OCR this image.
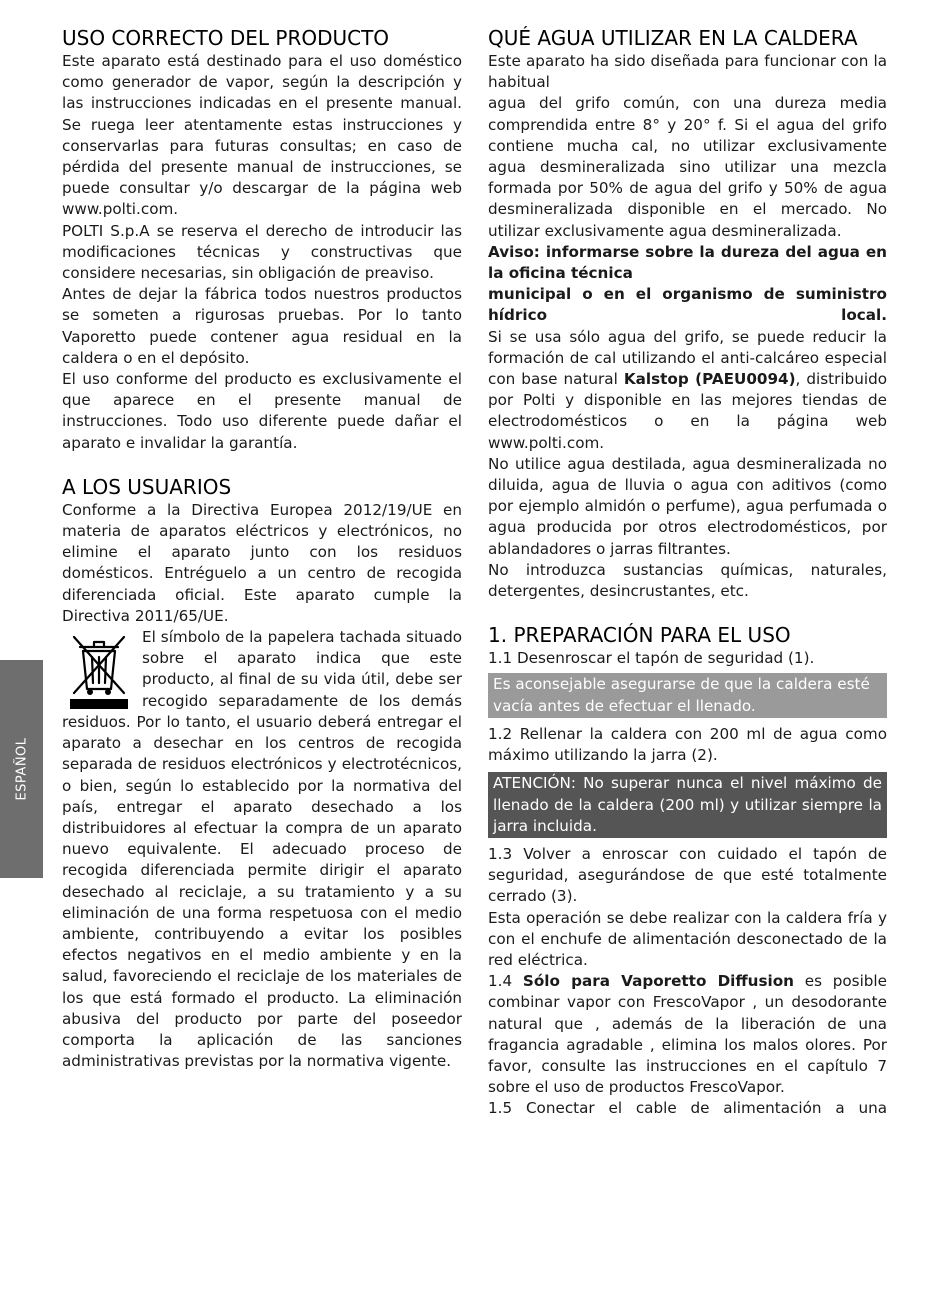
ESPAÑOL
USO CORRECTO DEL PRODUCTO

Este aparato está destinado para el uso doméstico como generador de vapor, según la descripción y las instrucciones indicadas en el presente manual. Se ruega leer atentamente estas instrucciones y conservarlas para futuras consultas; en caso de pérdida del presente manual de instrucciones, se puede consultar y/o descargar de la página web www.polti.com.

POLTI S.p.A se reserva el derecho de introducir las modificaciones técnicas y constructivas que considere necesarias, sin obligación de preaviso.

Antes de dejar la fábrica todos nuestros productos se someten a rigurosas pruebas. Por lo tanto Vaporetto puede contener agua residual en la caldera o en el depósito.

El uso conforme del producto es exclusivamente el que aparece en el presente manual de instrucciones. Todo uso diferente puede dañar el aparato e invalidar la garantía.

A LOS USUARIOS

Conforme a la Directiva Europea 2012/19/UE en materia de aparatos eléctricos y electrónicos, no elimine el aparato junto con los residuos domésticos. Entréguelo a un centro de recogida diferenciada oficial. Este aparato cumple la Directiva 2011/65/UE.

El símbolo de la papelera tachada situado sobre el aparato indica que este producto, al final de su vida útil, debe ser recogido separadamente de los demás residuos. Por lo tanto, el usuario deberá entregar el aparato a desechar en los centros de recogida separada de residuos electrónicos y electrotécnicos, o bien, según lo establecido por la normativa del país, entregar el aparato desechado a los distribuidores al efectuar la compra de un aparato nuevo equivalente. El adecuado proceso de recogida diferenciada permite dirigir el aparato desechado al reciclaje, a su tratamiento y a su eliminación de una forma respetuosa con el medio ambiente, contribuyendo a evitar los posibles efectos negativos en el medio ambiente y en la salud, favoreciendo el reciclaje de los materiales de los que está formado el producto. La eliminación abusiva del producto por parte del poseedor comporta la aplicación de las sanciones administrativas previstas por la normativa vigente.

QUÉ AGUA UTILIZAR EN LA CALDERA

Este aparato ha sido diseñada para funcionar con la habitual

agua del grifo común, con una dureza media comprendida entre 8° y 20° f. Si el agua del grifo contiene mucha cal, no utilizar exclusivamente agua desmineralizada sino utilizar una mezcla formada por 50% de agua del grifo y 50% de agua desmineralizada disponible en el mercado. No utilizar exclusivamente agua desmineralizada.

Aviso: informarse sobre la dureza del agua en la oficina técnica

municipal o en el organismo de suministro hídrico local.

Si se usa sólo agua del grifo, se puede reducir la formación de cal utilizando el anti-calcáreo especial con base natural Kalstop (PAEU0094), distribuido por Polti y disponible en las mejores tiendas de electrodomésticos o en la página web www.polti.com.

No utilice agua destilada, agua desmineralizada no diluida, agua de lluvia o agua con aditivos (como por ejemplo almidón o perfume), agua perfumada o agua producida por otros electrodomésticos, por ablandadores o jarras filtrantes.

No introduzca sustancias químicas, naturales, detergentes, desincrustantes, etc.

1. PREPARACIÓN PARA EL USO

1.1 Desenroscar el tapón de seguridad (1).

Es aconsejable asegurarse de que la caldera esté vacía antes de efectuar el llenado.

1.2 Rellenar la caldera con 200 ml de agua como máximo utilizando la jarra (2).

ATENCIÓN: No superar nunca el nivel máximo de llenado de la caldera (200 ml) y utilizar siempre la jarra incluida.

1.3 Volver a enroscar con cuidado el tapón de seguridad, asegurándose de que esté totalmente cerrado (3).

Esta operación se debe realizar con la caldera fría y con el enchufe de alimentación desconectado de la red eléctrica.

1.4 Sólo para Vaporetto Diffusion es posible combinar vapor con FrescoVapor , un desodorante natural que , además de la liberación de una fragancia agradable , elimina los malos olores. Por favor, consulte las instrucciones en el capítulo 7 sobre el uso de productos FrescoVapor.

1.5 Conectar el cable de alimentación a una
